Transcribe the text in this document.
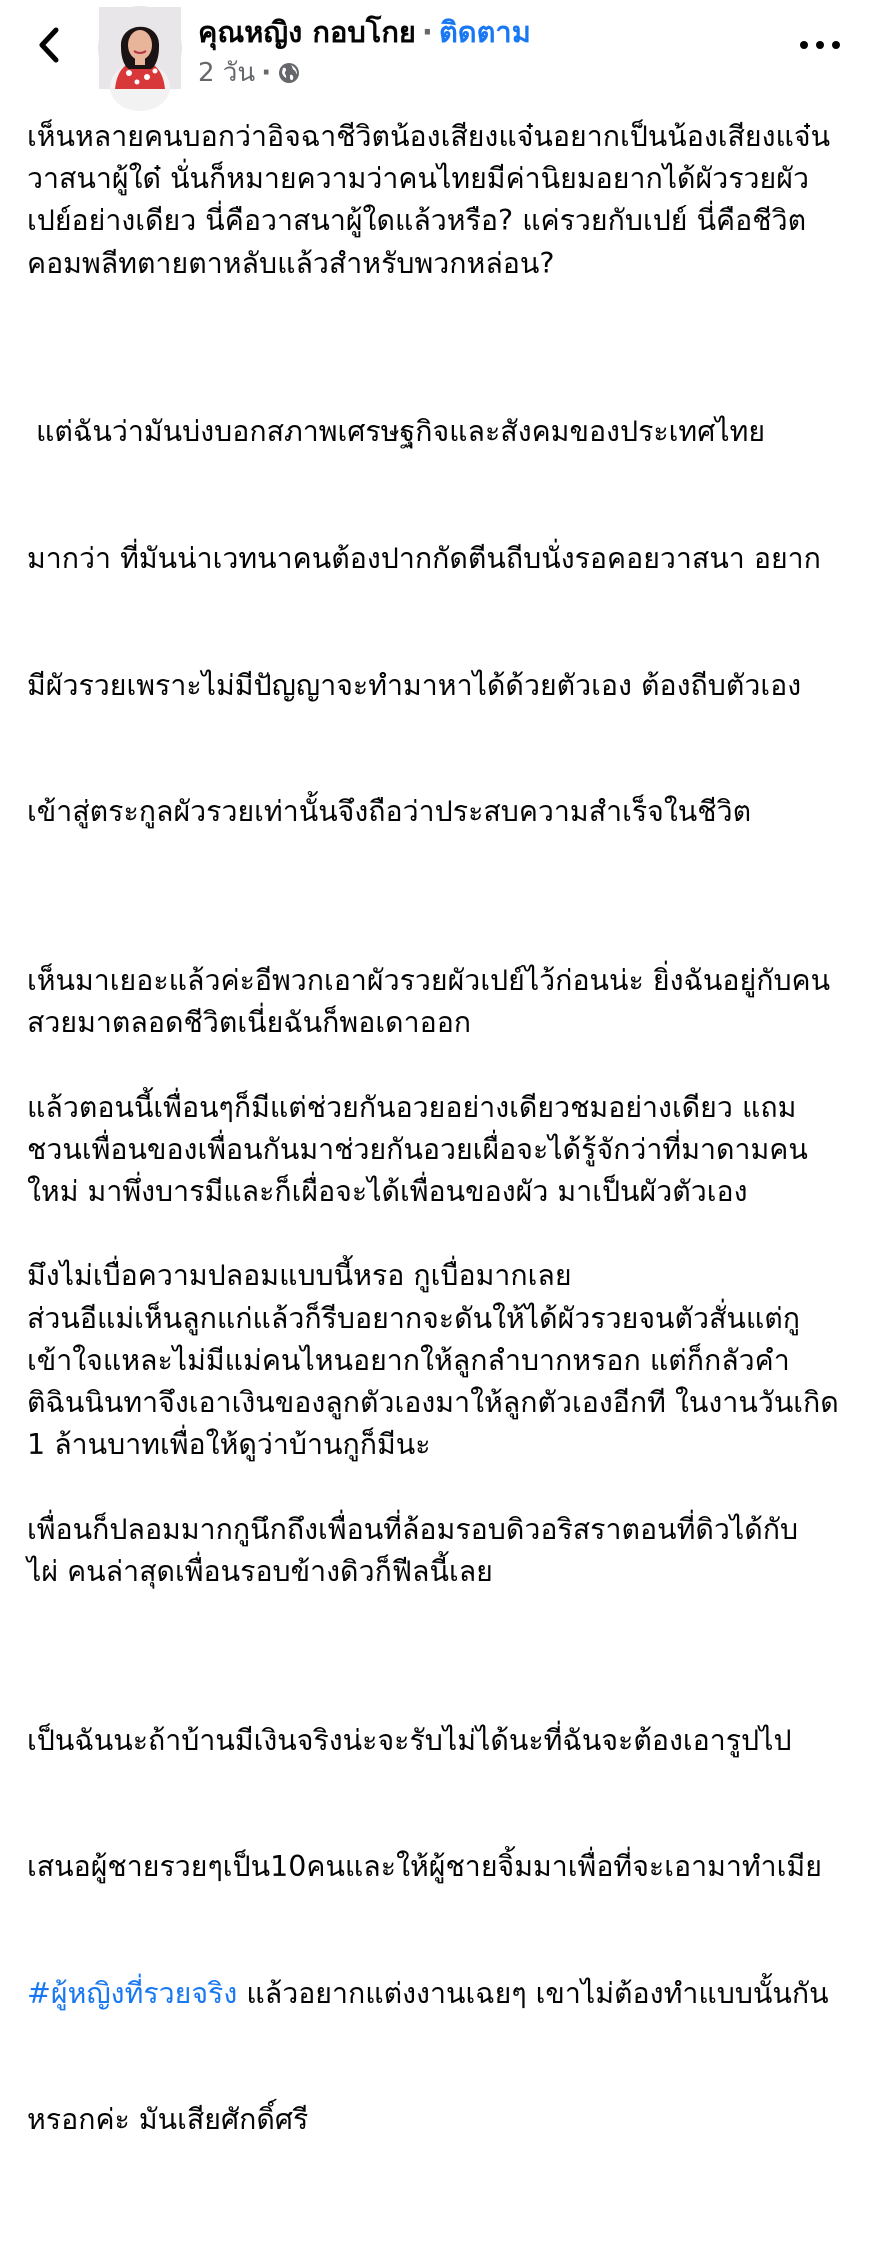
คุณหญิง กอบโกย · ติดตาม
2 วัน ·

เห็นหลายคนบอกว่าอิจฉาชีวิตน้องเสียงแจ๋นอยากเป็นน้องเสียงแจ๋น
วาสนาผู้ใด๋ นั่นก็หมายความว่าคนไทยมีค่านิยมอยากได้ผัวรวยผัว
เปย์อย่างเดียว นี่คือวาสนาผู้ใดแล้วหรือ? แค่รวยกับเปย์ นี่คือชีวิต
คอมพลีทตายตาหลับแล้วสำหรับพวกหล่อน?

แต่ฉันว่ามันบ่งบอกสภาพเศรษฐกิจและสังคมของประเทศไทย

มากว่า ที่มันน่าเวทนาคนต้องปากกัดตีนถีบนั่งรอคอยวาสนา อยาก

มีผัวรวยเพราะไม่มีปัญญาจะทำมาหาได้ด้วยตัวเอง ต้องถีบตัวเอง

เข้าสู่ตระกูลผัวรวยเท่านั้นจึงถือว่าประสบความสำเร็จในชีวิต

เห็นมาเยอะแล้วค่ะอีพวกเอาผัวรวยผัวเปย์ไว้ก่อนน่ะ ยิ่งฉันอยู่กับคน
สวยมาตลอดชีวิตเนี่ยฉันก็พอเดาออก

แล้วตอนนี้เพื่อนๆก็มีแต่ช่วยกันอวยอย่างเดียวชมอย่างเดียว แถม
ชวนเพื่อนของเพื่อนกันมาช่วยกันอวยเผื่อจะได้รู้จักว่าที่มาดามคน
ใหม่ มาพึ่งบารมีและก็เผื่อจะได้เพื่อนของผัว มาเป็นผัวตัวเอง

มึงไม่เบื่อความปลอมแบบนี้หรอ กูเบื่อมากเลย
ส่วนอีแม่เห็นลูกแก่แล้วก็รีบอยากจะดันให้ได้ผัวรวยจนตัวสั่นแต่กู
เข้าใจแหละไม่มีแม่คนไหนอยากให้ลูกลำบากหรอก แต่ก็กลัวคำ
ติฉินนินทาจึงเอาเงินของลูกตัวเองมาให้ลูกตัวเองอีกที ในงานวันเกิด
1 ล้านบาทเพื่อให้ดูว่าบ้านกูก็มีนะ

เพื่อนก็ปลอมมากกูนึกถึงเพื่อนที่ล้อมรอบดิวอริสราตอนที่ดิวได้กับ
ไผ่ คนล่าสุดเพื่อนรอบข้างดิวก็ฟีลนี้เลย

เป็นฉันนะถ้าบ้านมีเงินจริงน่ะจะรับไม่ได้นะที่ฉันจะต้องเอารูปไป

เสนอผู้ชายรวยๆเป็น10คนและให้ผู้ชายจิ้มมาเพื่อที่จะเอามาทำเมีย

#ผู้หญิงที่รวยจริง แล้วอยากแต่งงานเฉยๆ เขาไม่ต้องทำแบบนั้นกัน

หรอกค่ะ มันเสียศักดิ์ศรี
